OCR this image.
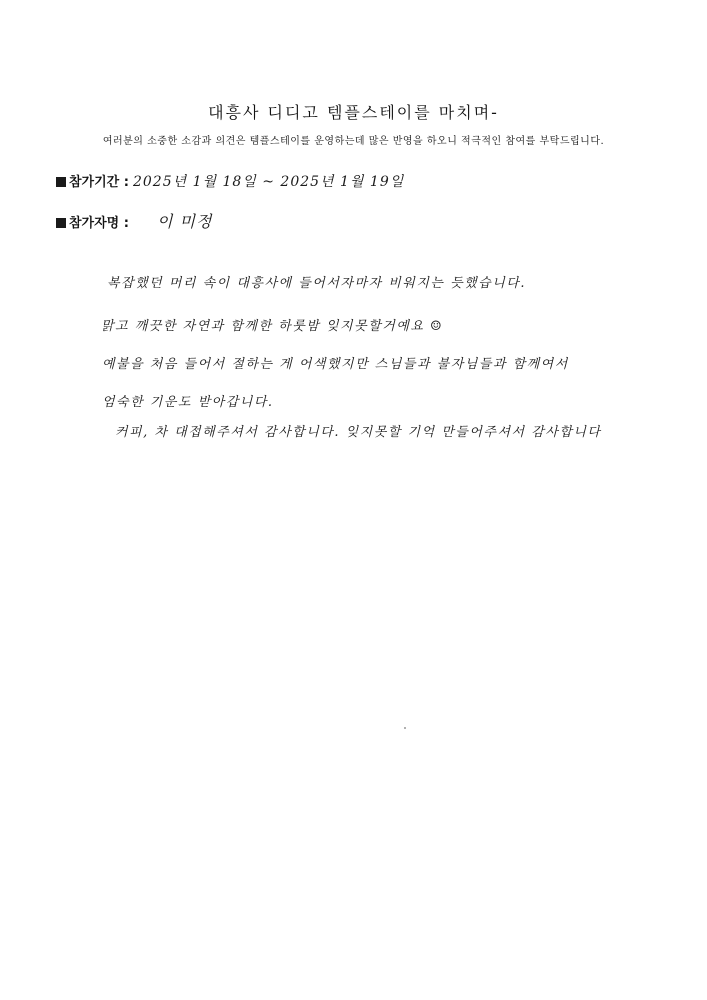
대흥사 디디고 템플스테이를 마치며-
여러분의 소중한 소감과 의견은 템플스테이를 운영하는데 많은 반영을 하오니 적극적인 참여를 부탁드립니다.
참가기간 : 2025년 1월 18일 ~ 2025년 1월 19일
참가자명 : 이 미정
복잡했던 머리 속이 대흥사에 들어서자마자 비워지는 듯했습니다.
맑고 깨끗한 자연과 함께한 하룻밤 잊지못할거예요 ☺
예불을 처음 들어서 절하는 게 어색했지만 스님들과 불자님들과 함께여서
엄숙한 기운도 받아갑니다.
커피, 차 대접해주셔서 감사합니다. 잊지못할 기억 만들어주셔서 감사합니다
